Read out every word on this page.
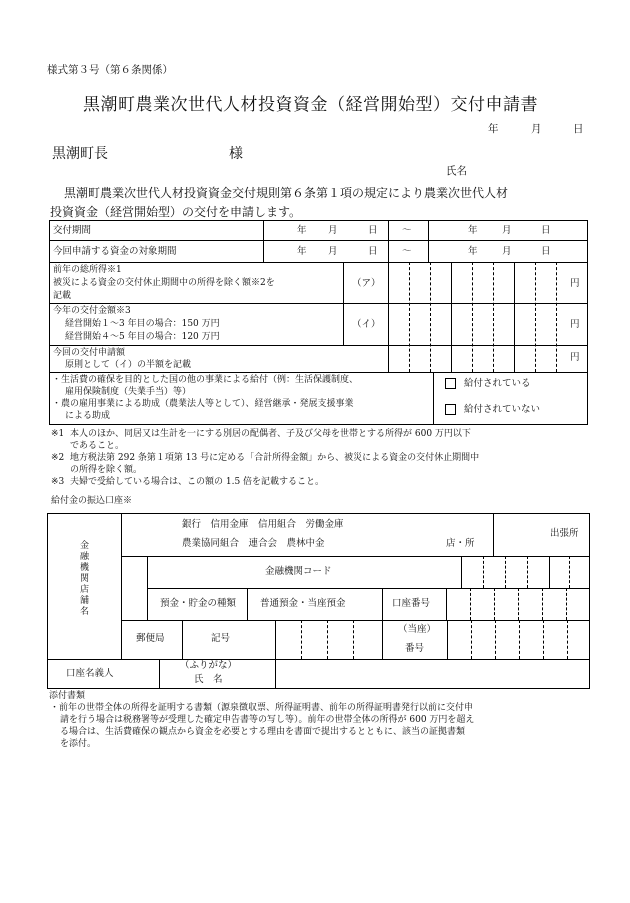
様式第３号（第６条関係）
黒潮町農業次世代人材投資資金（経営開始型）交付申請書
年	月	日
黒潮町長	様
氏名
黒潮町農業次世代人材投資資金交付規則第６条第１項の規定により農業次世代人材
投資資金（経営開始型）の交付を申請します。
交付期間	年 月	日	～	年	月	日
今回申請する資金の対象期間	年 月	日	～	年	月	日
前年の総所得※1
被災による資金の交付休止期間中の所得を除く額※2を
記載
（ア）	円
今年の交付金額※3
経営開始１～3 年目の場合：150 万円
経営開始４～5 年目の場合：120 万円
（イ）	円
今回の交付申請額
原則として（イ）の半額を記載
円
・生活費の確保を目的とした国の他の事業による給付（例：生活保護制度、
雇用保険制度（失業手当）等）
・農の雇用事業による助成（農業法人等として）、経営継承・発展支援事業
による助成
給付されている
給付されていない
※1 本人のほか、同居又は生計を一にする別居の配偶者、子及び父母を世帯とする所得が 600 万円以下
であること。
※2 地方税法第 292 条第１項第 13 号に定める「合計所得金額」から、被災による資金の交付休止期間中
の所得を除く額。
※3 夫婦で受給している場合は、この額の 1.5 倍を記載すること。
給付金の振込口座※
金融機関店舗名
銀行　信用金庫　信用組合　労働金庫
農業協同組合　連合会　農林中金	店・所
出張所
金融機関コード
預金・貯金の種類	普通預金・当座預金	口座番号
郵便局	記号
（当座）
番号
口座名義人
（ふりがな）
氏　名
添付書類
・前年の世帯全体の所得を証明する書類（源泉徴収票、所得証明書、前年の所得証明書発行以前に交付申
請を行う場合は税務署等が受理した確定申告書等の写し等）。前年の世帯全体の所得が 600 万円を超え
る場合は、生活費確保の観点から資金を必要とする理由を書面で提出するとともに、該当の証拠書類
を添付。
